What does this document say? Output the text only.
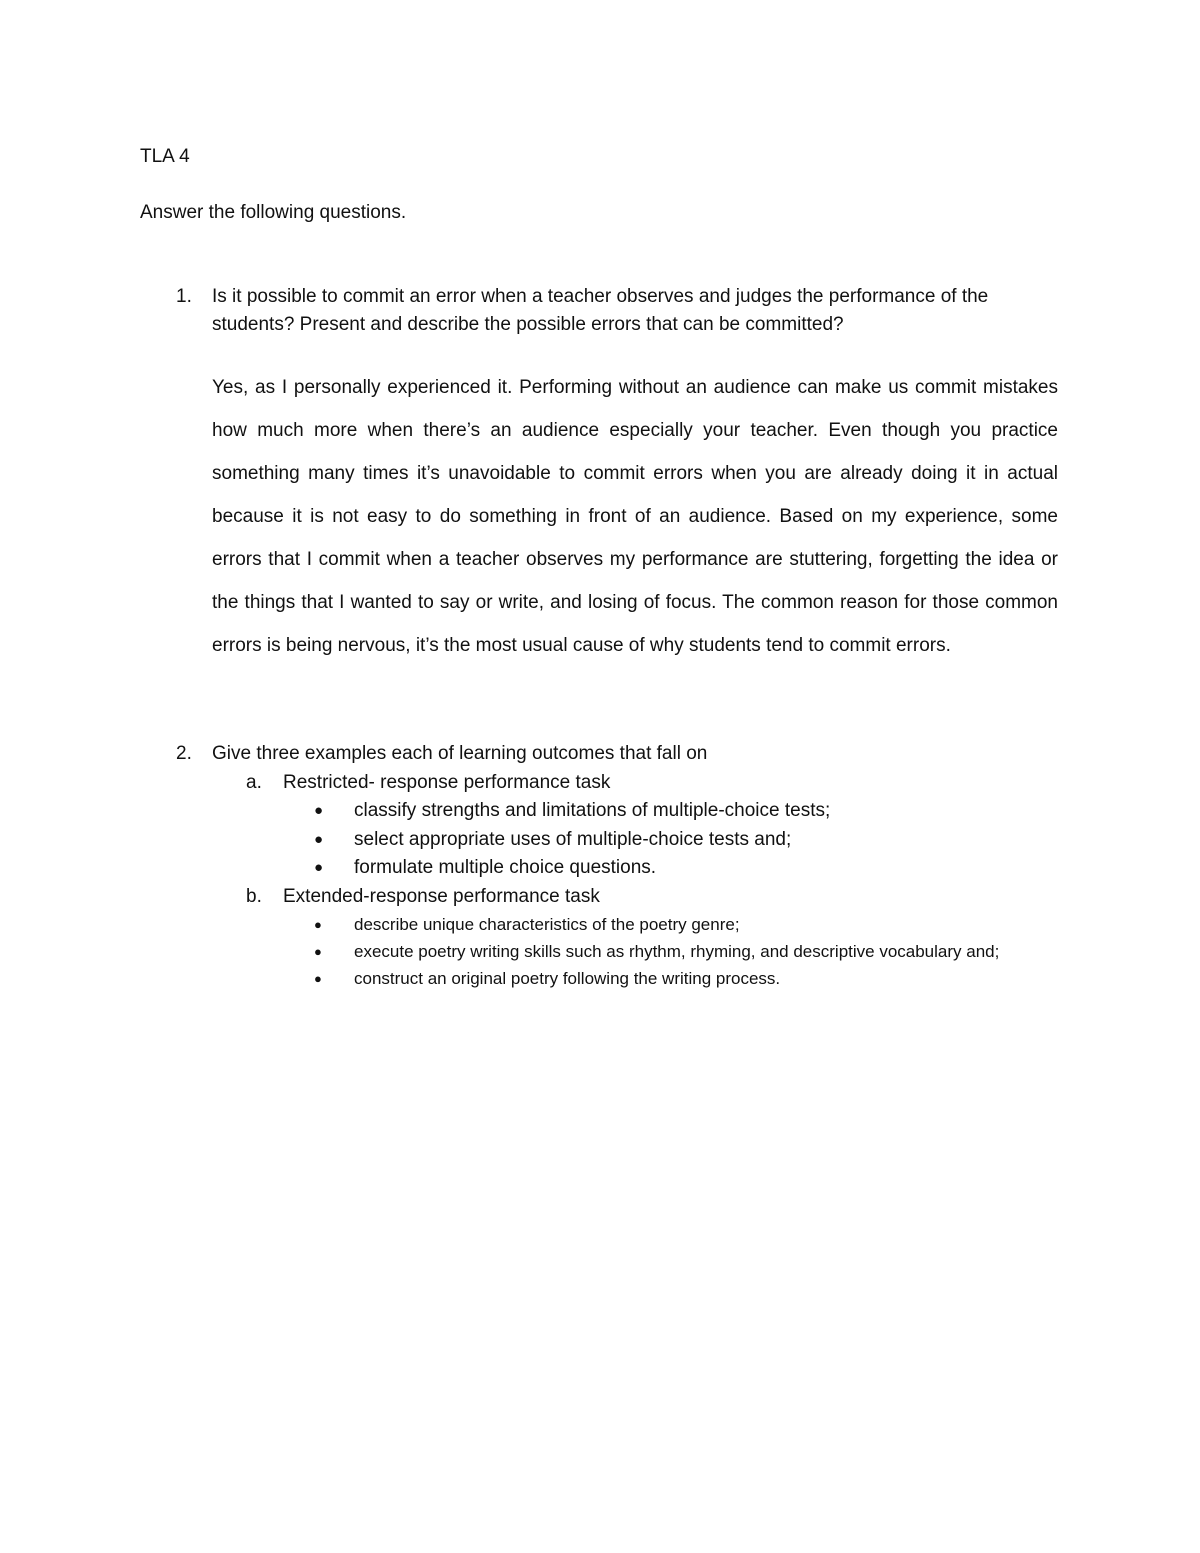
TLA 4

Answer the following questions.

1. Is it possible to commit an error when a teacher observes and judges the performance of the students? Present and describe the possible errors that can be committed?

Yes, as I personally experienced it. Performing without an audience can make us commit mistakes how much more when there’s an audience especially your teacher. Even though you practice something many times it’s unavoidable to commit errors when you are already doing it in actual because it is not easy to do something in front of an audience. Based on my experience, some errors that I commit when a teacher observes my performance are stuttering, forgetting the idea or the things that I wanted to say or write, and losing of focus. The common reason for those common errors is being nervous, it’s the most usual cause of why students tend to commit errors.

2. Give three examples each of learning outcomes that fall on

a. Restricted- response performance task
● classify strengths and limitations of multiple-choice tests;
● select appropriate uses of multiple-choice tests and;
● formulate multiple choice questions.
b. Extended-response performance task
● describe unique characteristics of the poetry genre;
● execute poetry writing skills such as rhythm, rhyming, and descriptive vocabulary and;
● construct an original poetry following the writing process.
